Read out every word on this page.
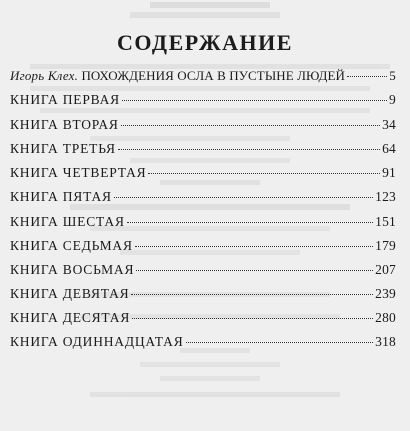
СОДЕРЖАНИЕ
Игорь Клех. ПОХОЖДЕНИЯ ОСЛА В ПУСТЫНЕ ЛЮДЕЙ	5
КНИГА ПЕРВАЯ	9
КНИГА ВТОРАЯ	34
КНИГА ТРЕТЬЯ	64
КНИГА ЧЕТВЕРТАЯ	91
КНИГА ПЯТАЯ	123
КНИГА ШЕСТАЯ	151
КНИГА СЕДЬМАЯ	179
КНИГА ВОСЬМАЯ	207
КНИГА ДЕВЯТАЯ	239
КНИГА ДЕСЯТАЯ	280
КНИГА ОДИННАДЦАТАЯ	318
